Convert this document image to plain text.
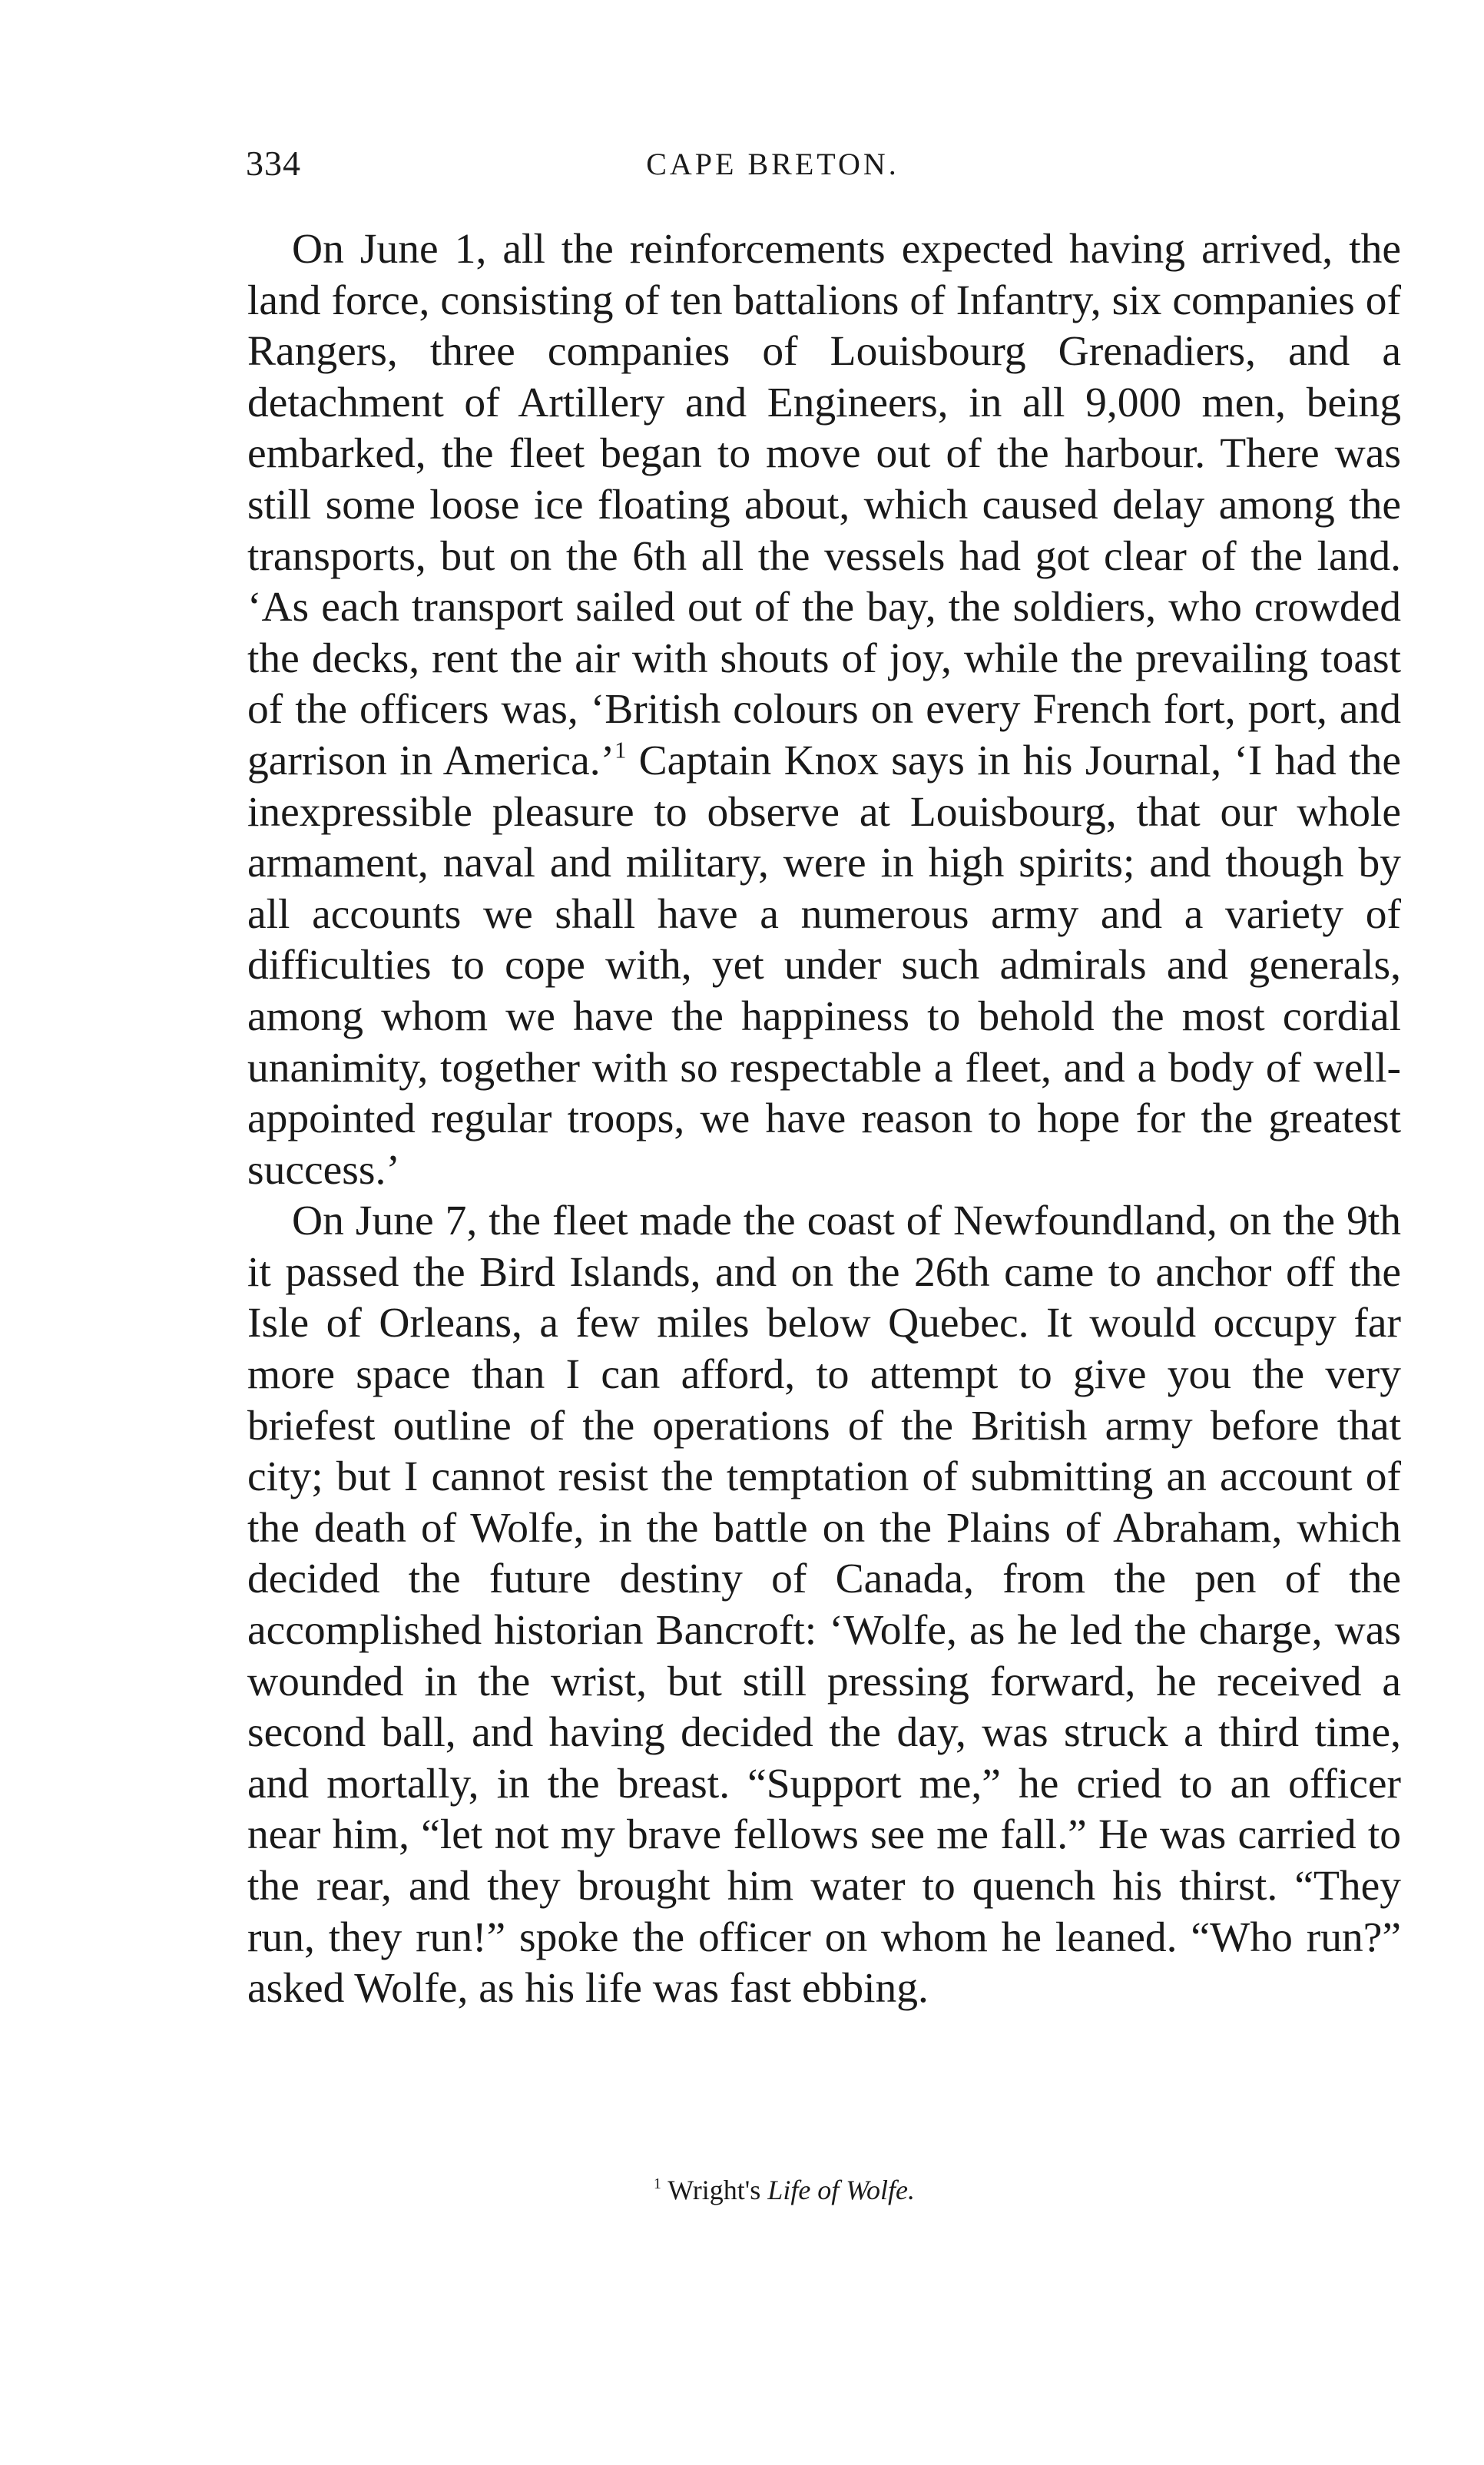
334	CAPE BRETON.

On June 1, all the reinforcements expected having arrived, the land force, consisting of ten battalions of Infantry, six companies of Rangers, three companies of Louisbourg Grenadiers, and a detachment of Artillery and Engineers, in all 9,000 men, being embarked, the fleet began to move out of the harbour. There was still some loose ice floating about, which caused delay among the transports, but on the 6th all the vessels had got clear of the land. ‘As each transport sailed out of the bay, the soldiers, who crowded the decks, rent the air with shouts of joy, while the prevailing toast of the officers was, ‘British colours on every French fort, port, and garrison in America.’$^1$ Captain Knox says in his Journal, ‘I had the inexpressible pleasure to observe at Louisbourg, that our whole armament, naval and military, were in high spirits; and though by all accounts we shall have a numerous army and a variety of difficulties to cope with, yet under such admirals and generals, among whom we have the happiness to behold the most cordial unanimity, together with so respectable a fleet, and a body of well-appointed regular troops, we have reason to hope for the greatest success.’

On June 7, the fleet made the coast of Newfoundland, on the 9th it passed the Bird Islands, and on the 26th came to anchor off the Isle of Orleans, a few miles below Quebec. It would occupy far more space than I can afford, to attempt to give you the very briefest outline of the operations of the British army before that city; but I cannot resist the temptation of submitting an account of the death of Wolfe, in the battle on the Plains of Abraham, which decided the future destiny of Canada, from the pen of the accomplished historian Bancroft: ‘Wolfe, as he led the charge, was wounded in the wrist, but still pressing forward, he received a second ball, and having decided the day, was struck a third time, and mortally, in the breast. “Support me,” he cried to an officer near him, “let not my brave fellows see me fall.” He was carried to the rear, and they brought him water to quench his thirst. “They run, they run!” spoke the officer on whom he leaned. “Who run?” asked Wolfe, as his life was fast ebbing.

$^1$ Wright's Life of Wolfe.
